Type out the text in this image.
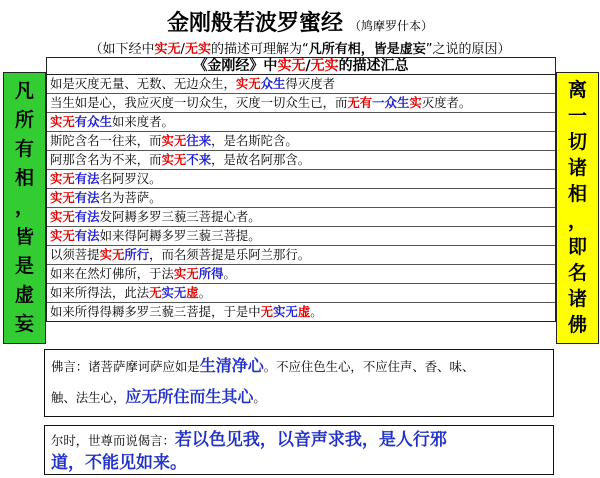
金刚般若波罗蜜经 （鸠摩罗什本）
（如下经中实无/无实的描述可理解为“凡所有相，皆是虚妄”之说的原因）
凡
所
有
相
，
皆
是
虚
妄
离
一
切
诸
相
，
即
名
诸
佛
《金刚经》中实无/无实的描述汇总
如是灭度无量、无数、无边众生，实无众生得灭度者
当生如是心，我应灭度一切众生，灭度一切众生已，而无有一众生实灭度者。
实无有众生如来度者。
斯陀含名一往来，而实无往来，是名斯陀含。
阿那含名为不来，而实无不来，是故名阿那含。
实无有法名阿罗汉。
实无有法名为菩萨。
实无有法发阿耨多罗三藐三菩提心者。
实无有法如来得阿耨多罗三藐三菩提。
以须菩提实无所行，而名须菩提是乐阿兰那行。
如来在然灯佛所，于法实无所得。
如来所得法，此法无实无虚。
如来所得得耨多罗三藐三菩提，于是中无实无虚。
佛言：诸菩萨摩诃萨应如是生清净心。不应住色生心，不应住声、香、味、
触、法生心，应无所住而生其心。
尔时，世尊而说偈言：若以色见我，以音声求我，是人行邪
道，不能见如来。
